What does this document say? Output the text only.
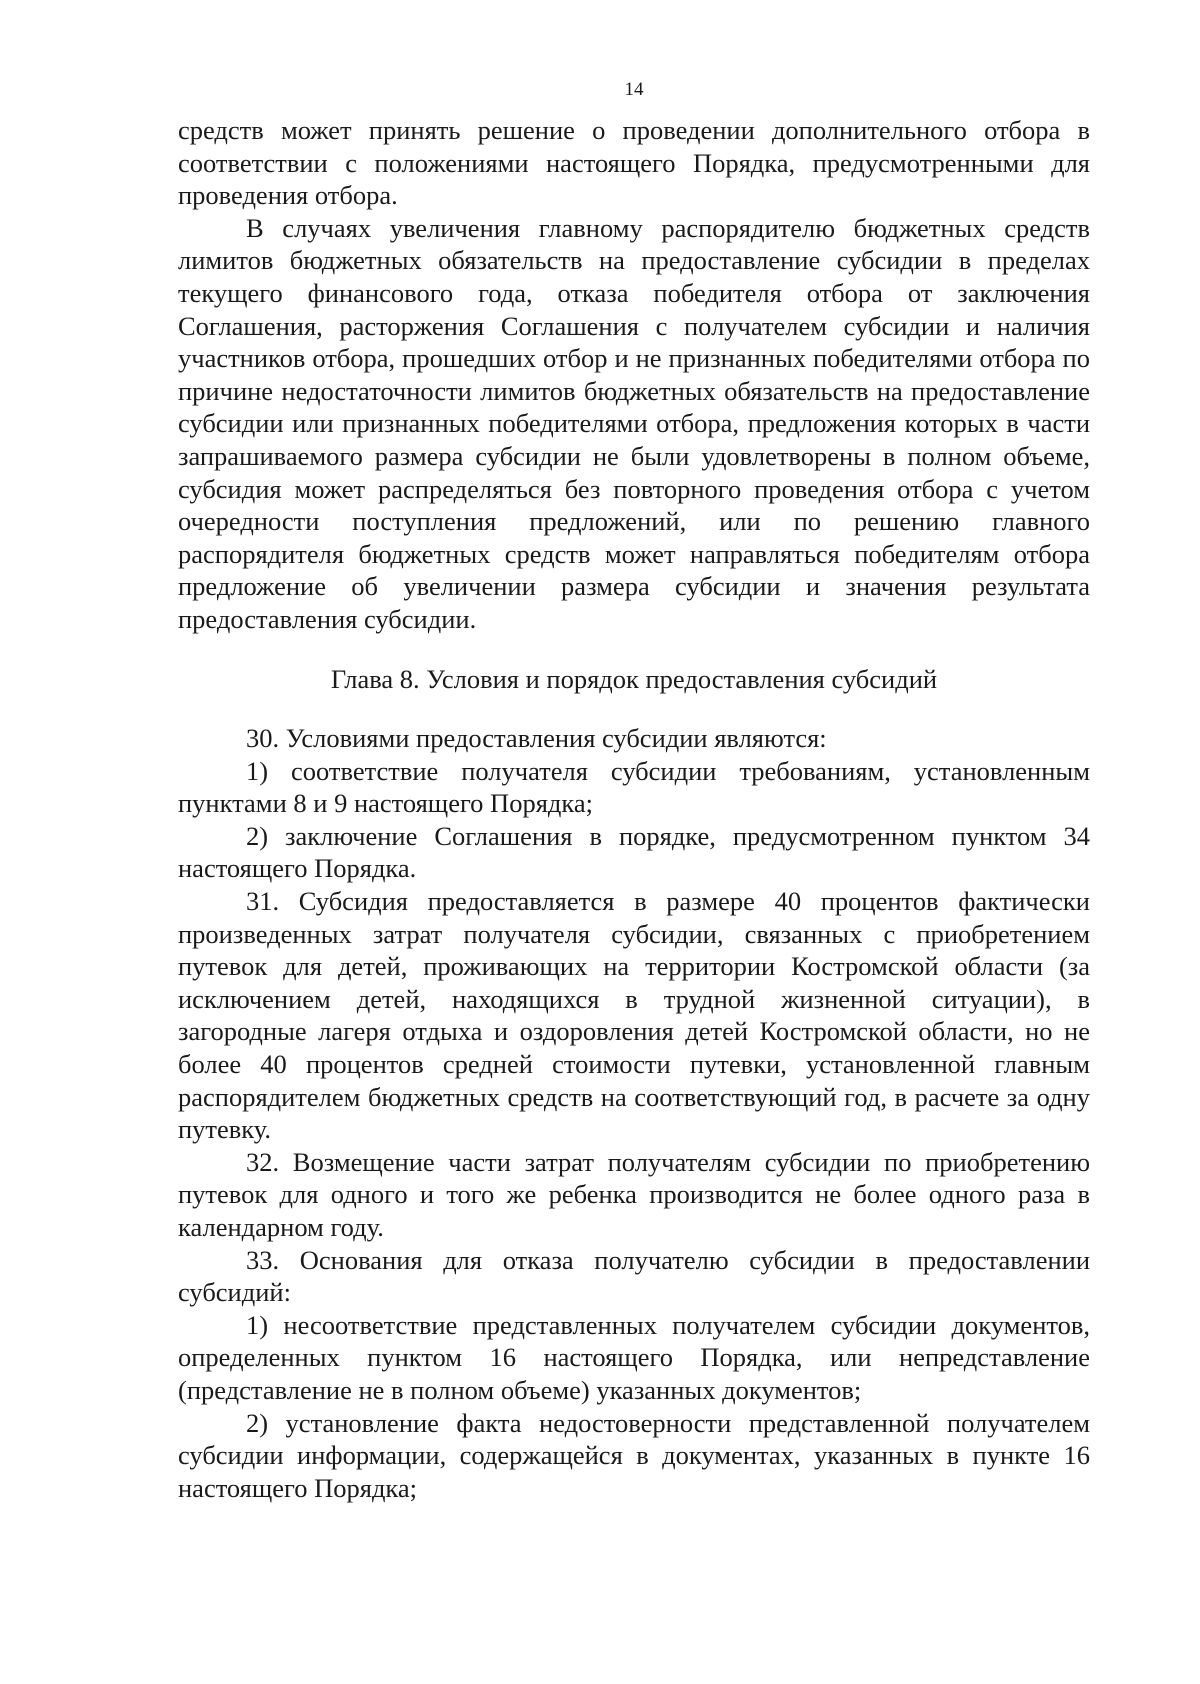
14

средств может принять решение о проведении дополнительного отбора в соответствии с положениями настоящего Порядка, предусмотренными для проведения отбора.

В случаях увеличения главному распорядителю бюджетных средств лимитов бюджетных обязательств на предоставление субсидии в пределах текущего финансового года, отказа победителя отбора от заключения Соглашения, расторжения Соглашения с получателем субсидии и наличия участников отбора, прошедших отбор и не признанных победителями отбора по причине недостаточности лимитов бюджетных обязательств на предоставление субсидии или признанных победителями отбора, предложения которых в части запрашиваемого размера субсидии не были удовлетворены в полном объеме, субсидия может распределяться без повторного проведения отбора с учетом очередности поступления предложений, или по решению главного распорядителя бюджетных средств может направляться победителям отбора предложение об увеличении размера субсидии и значения результата предоставления субсидии.

Глава 8. Условия и порядок предоставления субсидий

30. Условиями предоставления субсидии являются:

1) соответствие получателя субсидии требованиям, установленным пунктами 8 и 9 настоящего Порядка;

2) заключение Соглашения в порядке, предусмотренном пунктом 34 настоящего Порядка.

31. Субсидия предоставляется в размере 40 процентов фактически произведенных затрат получателя субсидии, связанных с приобретением путевок для детей, проживающих на территории Костромской области (за исключением детей, находящихся в трудной жизненной ситуации), в загородные лагеря отдыха и оздоровления детей Костромской области, но не более 40 процентов средней стоимости путевки, установленной главным распорядителем бюджетных средств на соответствующий год, в расчете за одну путевку.

32. Возмещение части затрат получателям субсидии по приобретению путевок для одного и того же ребенка производится не более одного раза в календарном году.

33. Основания для отказа получателю субсидии в предоставлении субсидий:

1) несоответствие представленных получателем субсидии документов, определенных пунктом 16 настоящего Порядка, или непредставление (представление не в полном объеме) указанных документов;

2) установление факта недостоверности представленной получателем субсидии информации, содержащейся в документах, указанных в пункте 16 настоящего Порядка;
